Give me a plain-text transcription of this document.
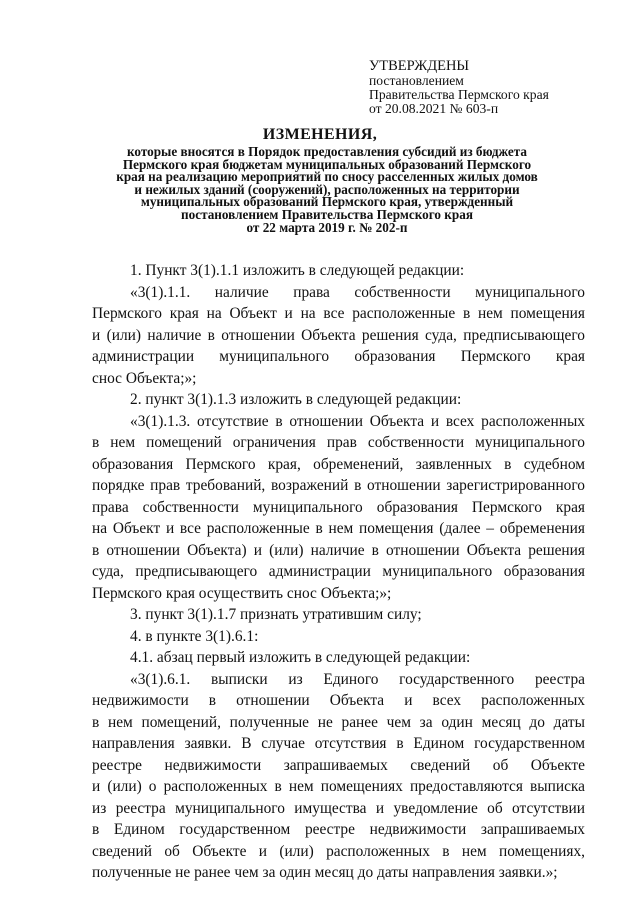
УТВЕРЖДЕНЫ
постановлением
Правительства Пермского края
от 20.08.2021 № 603-п
ИЗМЕНЕНИЯ,
которые вносятся в Порядок предоставления субсидий из бюджета
Пермского края бюджетам муниципальных образований Пермского
края на реализацию мероприятий по сносу расселенных жилых домов
и нежилых зданий (сооружений), расположенных на территории
муниципальных образований Пермского края, утвержденный
постановлением Правительства Пермского края
от 22 марта 2019 г. № 202-п
1. Пункт 3(1).1.1 изложить в следующей редакции:
«3(1).1.1. наличие права собственности муниципального
Пермского края на Объект и на все расположенные в нем помещения
и (или) наличие в отношении Объекта решения суда, предписывающего
администрации муниципального образования Пермского края
снос Объекта;»;
2. пункт 3(1).1.3 изложить в следующей редакции:
«3(1).1.3. отсутствие в отношении Объекта и всех расположенных
в нем помещений ограничения прав собственности муниципального
образования Пермского края, обременений, заявленных в судебном
порядке прав требований, возражений в отношении зарегистрированного
права собственности муниципального образования Пермского края
на Объект и все расположенные в нем помещения (далее – обременения
в отношении Объекта) и (или) наличие в отношении Объекта решения
суда, предписывающего администрации муниципального образования
Пермского края осуществить снос Объекта;»;
3. пункт 3(1).1.7 признать утратившим силу;
4. в пункте 3(1).6.1:
4.1. абзац первый изложить в следующей редакции:
«3(1).6.1. выписки из Единого государственного реестра
недвижимости в отношении Объекта и всех расположенных
в нем помещений, полученные не ранее чем за один месяц до даты
направления заявки. В случае отсутствия в Едином государственном
реестре недвижимости запрашиваемых сведений об Объекте
и (или) о расположенных в нем помещениях предоставляются выписка
из реестра муниципального имущества и уведомление об отсутствии
в Едином государственном реестре недвижимости запрашиваемых
сведений об Объекте и (или) расположенных в нем помещениях,
полученные не ранее чем за один месяц до даты направления заявки.»;
